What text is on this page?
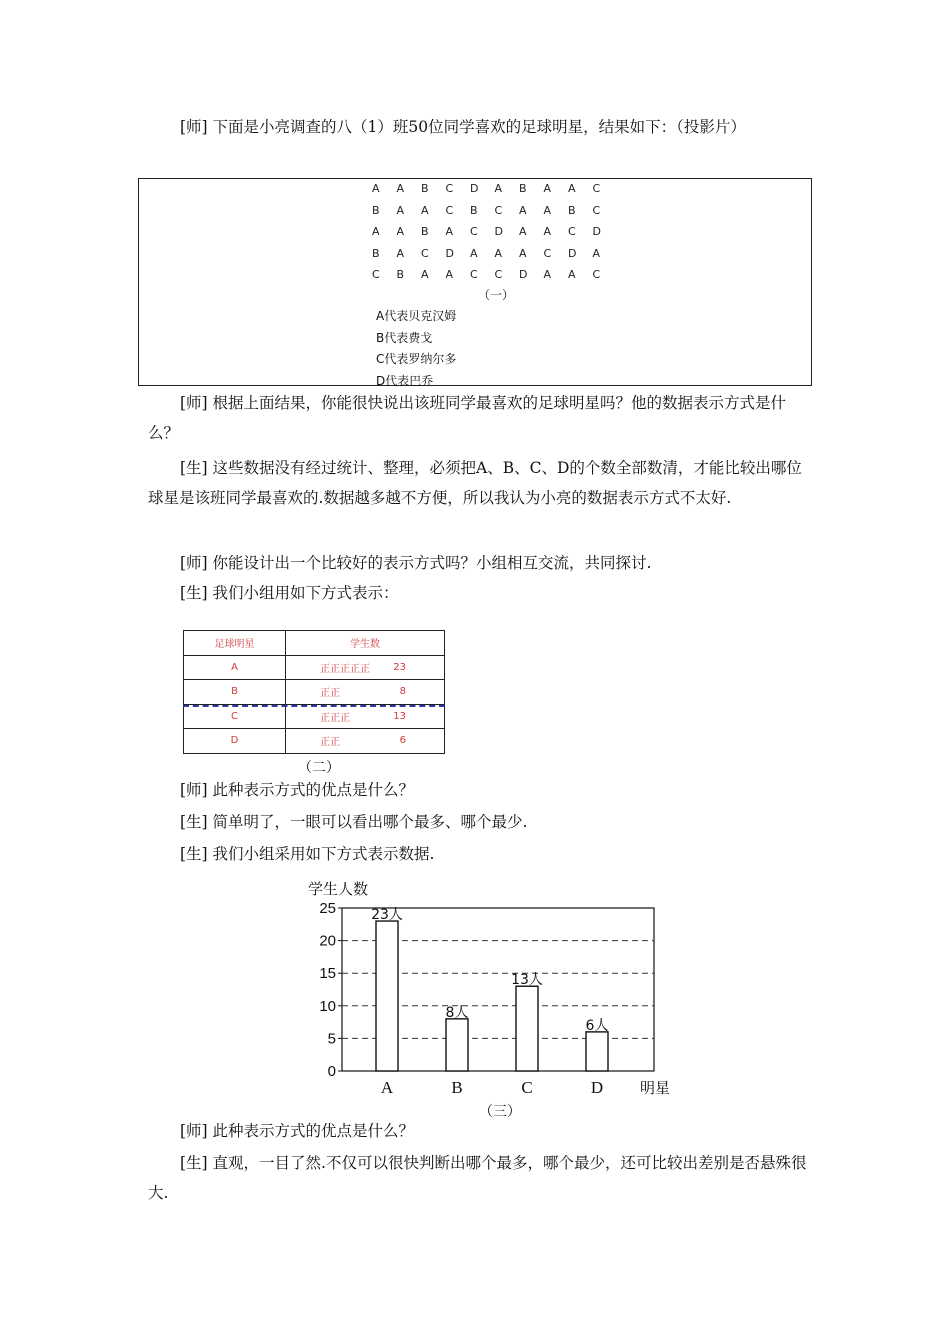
[师] 下面是小亮调查的八（1）班50位同学喜欢的足球明星，结果如下：（投影片）

A A B C D A B A A C
B A A C B C A A B C
A A B A C D A A C D
B A C D A A A C D A
C B A A C C D A A C
（一）
A代表贝克汉姆
B代表费戈
C代表罗纳尔多
D代表巴乔

[师] 根据上面结果，你能很快说出该班同学最喜欢的足球明星吗？他的数据表示方式是什么？

[生] 这些数据没有经过统计、整理，必须把A、B、C、D的个数全部数清，才能比较出哪位球星是该班同学最喜欢的.数据越多越不方便，所以我认为小亮的数据表示方式不太好.

[师] 你能设计出一个比较好的表示方式吗？小组相互交流，共同探讨.

[生] 我们小组用如下方式表示：

足球明星	学生数
A	正正正正正 23

B	正正 8

C	正正正 13

D	正正 6
（二）

[师] 此种表示方式的优点是什么？

[生] 简单明了，一眼可以看出哪个最多、哪个最少.

[生] 我们小组采用如下方式表示数据.

学生人数
0
5
10
15
20
25	23人
A
8人
B
13人
C
6人
D 明星
（三）

[师] 此种表示方式的优点是什么？

[生] 直观，一目了然.不仅可以很快判断出哪个最多，哪个最少，还可比较出差别是否悬殊很大.
